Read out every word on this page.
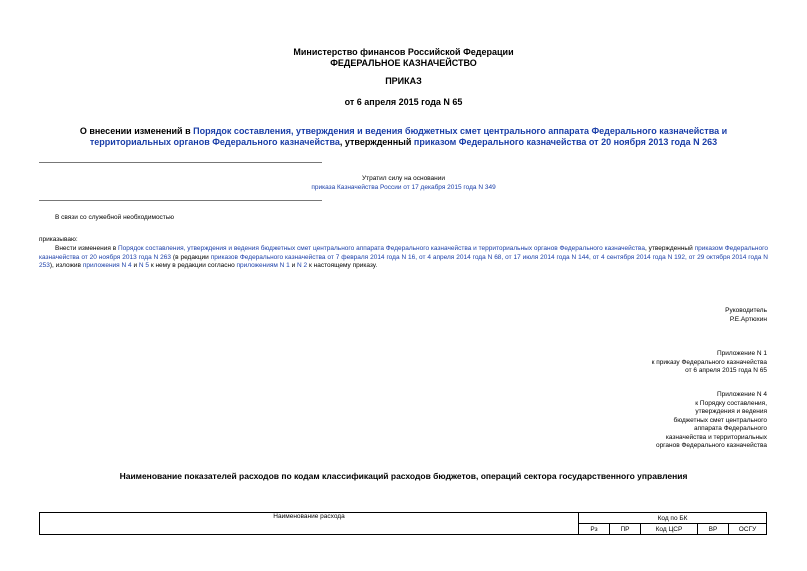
Министерство финансов Российской Федерации
ФЕДЕРАЛЬНОЕ КАЗНАЧЕЙСТВО
ПРИКАЗ
от 6 апреля 2015 года N 65
О внесении изменений в Порядок составления, утверждения и ведения бюджетных смет центрального аппарата Федерального казначейства и территориальных органов Федерального казначейства, утвержденный приказом Федерального казначейства от 20 ноября 2013 года N 263
Утратил силу на основании
приказа Казначейства России от 17 декабря 2015 года N 349
В связи со служебной необходимостью
приказываю:
Внести изменения в Порядок составления, утверждения и ведения бюджетных смет центрального аппарата Федерального казначейства и территориальных органов Федерального казначейства, утвержденный приказом Федерального казначейства от 20 ноября 2013 года N 263 (в редакции приказов Федерального казначейства от 7 февраля 2014 года N 16, от 4 апреля 2014 года N 68, от 17 июля 2014 года N 144, от 4 сентября 2014 года N 192, от 29 октября 2014 года N 253), изложив приложения N 4 и N 5 к нему в редакции согласно приложениям N 1 и N 2 к настоящему приказу.
Руководитель
Р.Е.Артюхин
Приложение N 1
к приказу Федерального казначейства
от 6 апреля 2015 года N 65
Приложение N 4
к Порядку составления,
утверждения и ведения
бюджетных смет центрального
аппарата Федерального
казначейства и территориальных
органов Федерального казначейства
Наименование показателей расходов по кодам классификаций расходов бюджетов, операций сектора государственного управления
Наименование расхода	Код по БК				
	Рз	ПР	Код ЦСР	ВР	ОСГУ
